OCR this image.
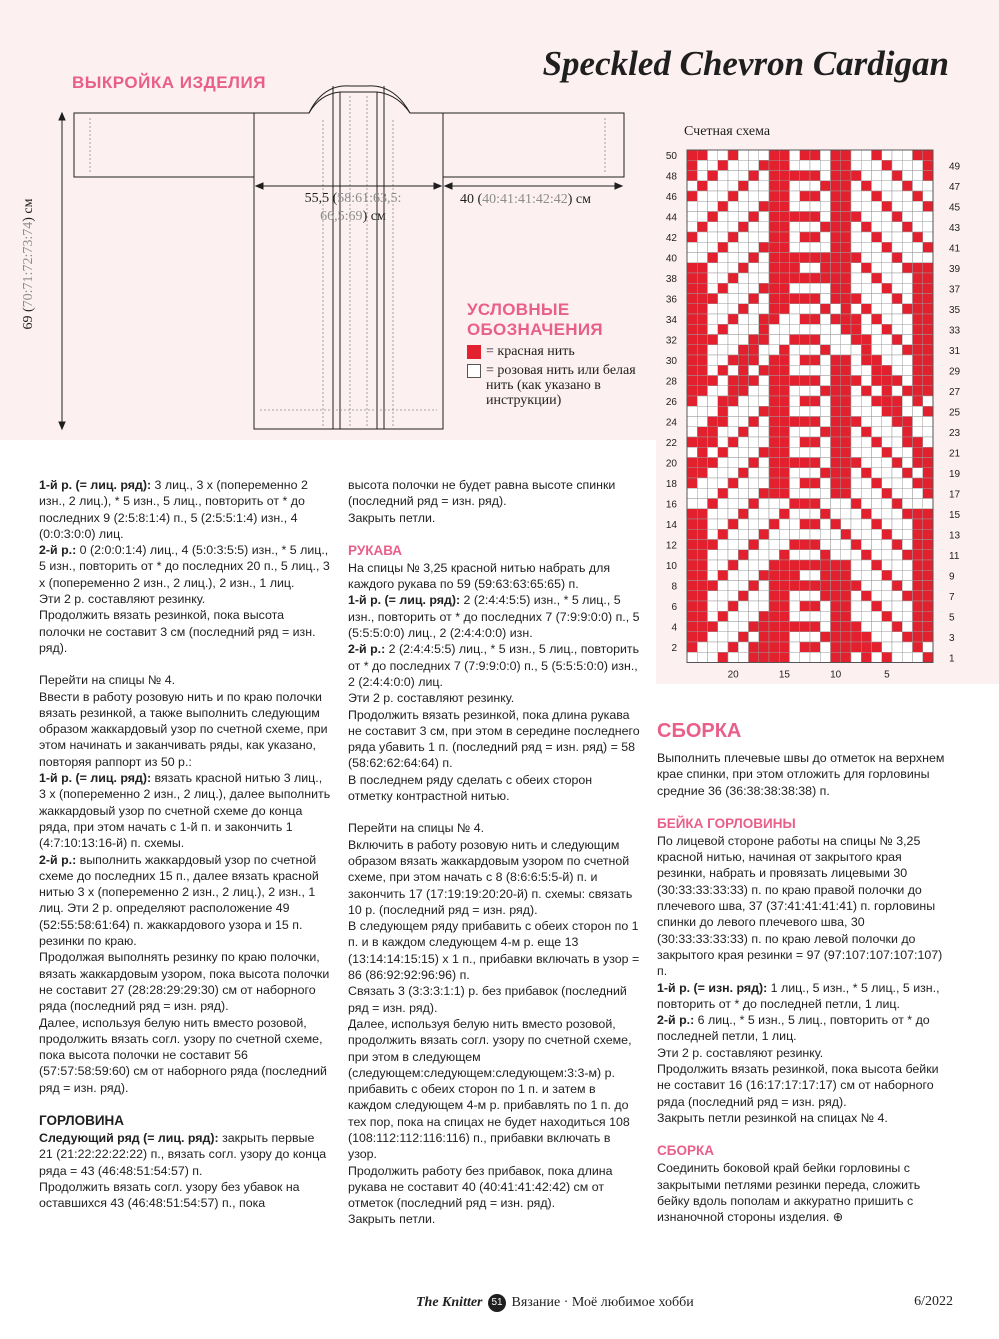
Speckled Chevron Cardigan
ВЫКРОЙКА ИЗДЕЛИЯ
55,5 (58:61:63,5:
66,5:69) см
40 (40:41:41:42:42) см
69 (70:71:72:73:74) см
УСЛОВНЫЕ
ОБОЗНАЧЕНИЯ
= красная нить
= розовая нить или белая нить (как указано в инструкции)
Счетная схема
50
48
46
44
42
40
38
36
34
32
30
28
26
24
22
20
18
16
14
12
10
8
6
4
2
49
47
45
43
41
39
37
35
33
31
29
27
25
23
21
19
17
15
13
11
9
7
5
3
1
20	15	10	5

1-й р. (= лиц. ряд): 3 лиц., 3 х (попеременно 2 изн., 2 лиц.), * 5 изн., 5 лиц., повторить от * до последних 9 (2:5:8:1:4) п., 5 (2:5:5:1:4) изн., 4 (0:0:3:0:0) лиц.

2-й р.: 0 (2:0:0:1:4) лиц., 4 (5:0:3:5:5) изн., * 5 лиц., 5 изн., повторить от * до последних 20 п., 5 лиц., 3 х (попеременно 2 изн., 2 лиц.), 2 изн., 1 лиц.

Эти 2 р. составляют резинку.

Продолжить вязать резинкой, пока высота полочки не составит 3 см (последний ряд = изн. ряд).

Перейти на спицы № 4.

Ввести в работу розовую нить и по краю полочки вязать резинкой, а также выполнить следующим образом жаккардовый узор по счетной схеме, при этом начинать и заканчивать ряды, как указано, повторяя раппорт из 50 р.:

1-й р. (= лиц. ряд): вязать красной нитью 3 лиц., 3 х (попеременно 2 изн., 2 лиц.), далее выполнить жаккардовый узор по счетной схеме до конца ряда, при этом начать с 1-й п. и закончить 1 (4:7:10:13:16-й) п. схемы.

2-й р.: выполнить жаккардовый узор по счетной схеме до последних 15 п., далее вязать красной нитью 3 х (попеременно 2 изн., 2 лиц.), 2 изн., 1 лиц. Эти 2 р. определяют расположение 49 (52:55:58:61:64) п. жаккардового узора и 15 п. резинки по краю.

Продолжая выполнять резинку по краю полочки, вязать жаккардовым узором, пока высота полочки не составит 27 (28:28:29:29:30) см от наборного ряда (последний ряд = изн. ряд).

Далее, используя белую нить вместо розовой, продолжить вязать согл. узору по счетной схеме, пока высота полочки не составит 56 (57:57:58:59:60) см от наборного ряда (последний ряд = изн. ряд).

ГОРЛОВИНА

Следующий ряд (= лиц. ряд): закрыть первые 21 (21:22:22:22:22) п., вязать согл. узору до конца ряда = 43 (46:48:51:54:57) п.

Продолжить вязать согл. узору без убавок на оставшихся 43 (46:48:51:54:57) п., пока

высота полочки не будет равна высоте спинки (последний ряд = изн. ряд).

Закрыть петли.

РУКАВА

На спицы № 3,25 красной нитью набрать для каждого рукава по 59 (59:63:63:65:65) п.

1-й р. (= лиц. ряд): 2 (2:4:4:5:5) изн., * 5 лиц., 5 изн., повторить от * до последних 7 (7:9:9:0:0) п., 5 (5:5:5:0:0) лиц., 2 (2:4:4:0:0) изн.

2-й р.: 2 (2:4:4:5:5) лиц., * 5 изн., 5 лиц., повторить от * до последних 7 (7:9:9:0:0) п., 5 (5:5:5:0:0) изн., 2 (2:4:4:0:0) лиц.

Эти 2 р. составляют резинку.

Продолжить вязать резинкой, пока длина рукава не составит 3 см, при этом в середине последнего ряда убавить 1 п. (последний ряд = изн. ряд) = 58 (58:62:62:64:64) п.

В последнем ряду сделать с обеих сторон отметку контрастной нитью.

Перейти на спицы № 4.

Включить в работу розовую нить и следующим образом вязать жаккардовым узором по счетной схеме, при этом начать с 8 (8:6:6:5:5-й) п. и закончить 17 (17:19:19:20:20-й) п. схемы: связать 10 р. (последний ряд = изн. ряд).

В следующем ряду прибавить с обеих сторон по 1 п. и в каждом следующем 4-м р. еще 13 (13:14:14:15:15) х 1 п., прибавки включать в узор = 86 (86:92:92:96:96) п.

Связать 3 (3:3:3:1:1) р. без прибавок (последний ряд = изн. ряд).

Далее, используя белую нить вместо розовой, продолжить вязать согл. узору по счетной схеме, при этом в следующем (следующем:следующем:следующем:3:3-м) р. прибавить с обеих сторон по 1 п. и затем в каждом следующем 4-м р. прибавлять по 1 п. до тех пор, пока на спицах не будет находиться 108 (108:112:112:116:116) п., прибавки включать в узор.

Продолжить работу без прибавок, пока длина рукава не составит 40 (40:41:41:42:42) см от отметок (последний ряд = изн. ряд).

Закрыть петли.

СБОРКА

Выполнить плечевые швы до отметок на верхнем крае спинки, при этом отложить для горловины средние 36 (36:38:38:38:38) п.

БЕЙКА ГОРЛОВИНЫ

По лицевой стороне работы на спицы № 3,25 красной нитью, начиная от закрытого края резинки, набрать и провязать лицевыми 30 (30:33:33:33:33) п. по краю правой полочки до плечевого шва, 37 (37:41:41:41:41) п. горловины спинки до левого плечевого шва, 30 (30:33:33:33:33) п. по краю левой полочки до закрытого края резинки = 97 (97:107:107:107:107) п.

1-й р. (= изн. ряд): 1 лиц., 5 изн., * 5 лиц., 5 изн., повторить от * до последней петли, 1 лиц.

2-й р.: 6 лиц., * 5 изн., 5 лиц., повторить от * до последней петли, 1 лиц.

Эти 2 р. составляют резинку.

Продолжить вязать резинкой, пока высота бейки не составит 16 (16:17:17:17:17) см от наборного ряда (последний ряд = изн. ряд).

Закрыть петли резинкой на спицах № 4.

СБОРКА

Соединить боковой край бейки горловины с закрытыми петлями резинки переда, сложить бейку вдоль пополам и аккуратно пришить с изнаночной стороны изделия. ⊕

The Knitter 51 Вязание · Моё любимое хобби	6/2022
